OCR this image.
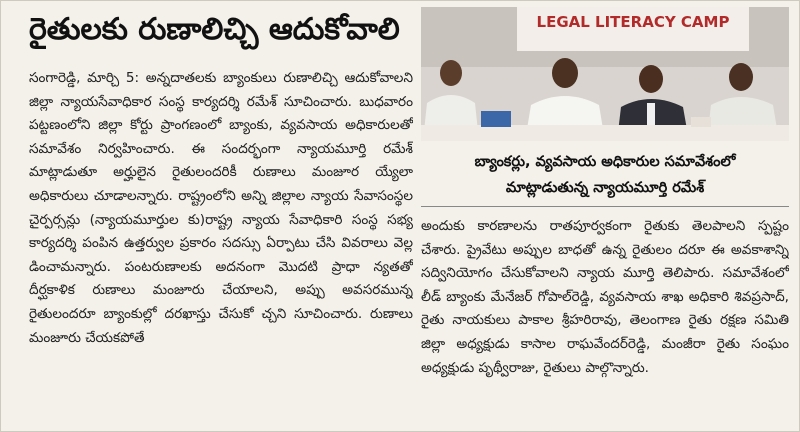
రైతులకు రుణాలిచ్చి ఆదుకోవాలి

సంగారెడ్డి, మార్చి 5: అన్నదాతలకు బ్యాంకులు రుణాలిచ్చి ఆదుకోవాలని జిల్లా న్యాయసేవాధికార సంస్థ కార్యదర్శి రమేశ్ సూచించారు. బుధవారం పట్టణంలోని జిల్లా కోర్టు ప్రాంగణంలో బ్యాంకు, వ్యవసాయ అధికారులతో సమావేశం నిర్వహించారు. ఈ సందర్భంగా న్యాయమూర్తి రమేశ్ మాట్లాడుతూ అర్హులైన రైతులందరికీ రుణాలు మంజూర య్యేలా అధికారులు చూడాలన్నారు. రాష్ట్రంలోని అన్ని జిల్లాల న్యాయ సేవాసంస్థల చైర్పర్సన్లు (న్యాయమూర్తుల కు)రాష్ట్ర న్యాయ సేవాధికారి సంస్థ సభ్య కార్యదర్శి పంపిన ఉత్తర్వుల ప్రకారం సదస్సు ఏర్పాటు చేసి వివరాలు వెల్ల డించామన్నారు. పంటరుణాలకు అదనంగా మొదటి ప్రాధా న్యతతో దీర్ఘకాళిక రుణాలు మంజూరు చేయాలని, అప్పు అవసరమున్న రైతులందరూ బ్యాంకుల్లో దరఖాస్తు చేసుకో చ్చని సూచించారు. రుణాలు మంజూరు చేయకపోతే

LEGAL LITERACY CAMP
బ్యాంకర్లు, వ్యవసాయ అధికారుల సమావేశంలో
మాట్లాడుతున్న న్యాయమూర్తి రమేశ్

అందుకు కారణాలను రాతపూర్వకంగా రైతుకు తెలపాలని స్పష్టం చేశారు. ప్రైవేటు అప్పుల బాధతో ఉన్న రైతులం దరూ ఈ అవకాశాన్ని సద్వినియోగం చేసుకోవాలని న్యాయ మూర్తి తెలిపారు. సమావేశంలో లీడ్ బ్యాంకు మేనేజర్ గోపాల్‌రెడ్డి, వ్యవసాయ శాఖ అధికారి శివప్రసాద్, రైతు నాయకులు పాకాల శ్రీహరిరావు, తెలంగాణ రైతు రక్షణ సమితి జిల్లా అధ్యక్షుడు కాసాల రాఘవేందర్‌రెడ్డి, మంజీరా రైతు సంఘం అధ్యక్షుడు పృథ్వీరాజు, రైతులు పాల్గొన్నారు.
